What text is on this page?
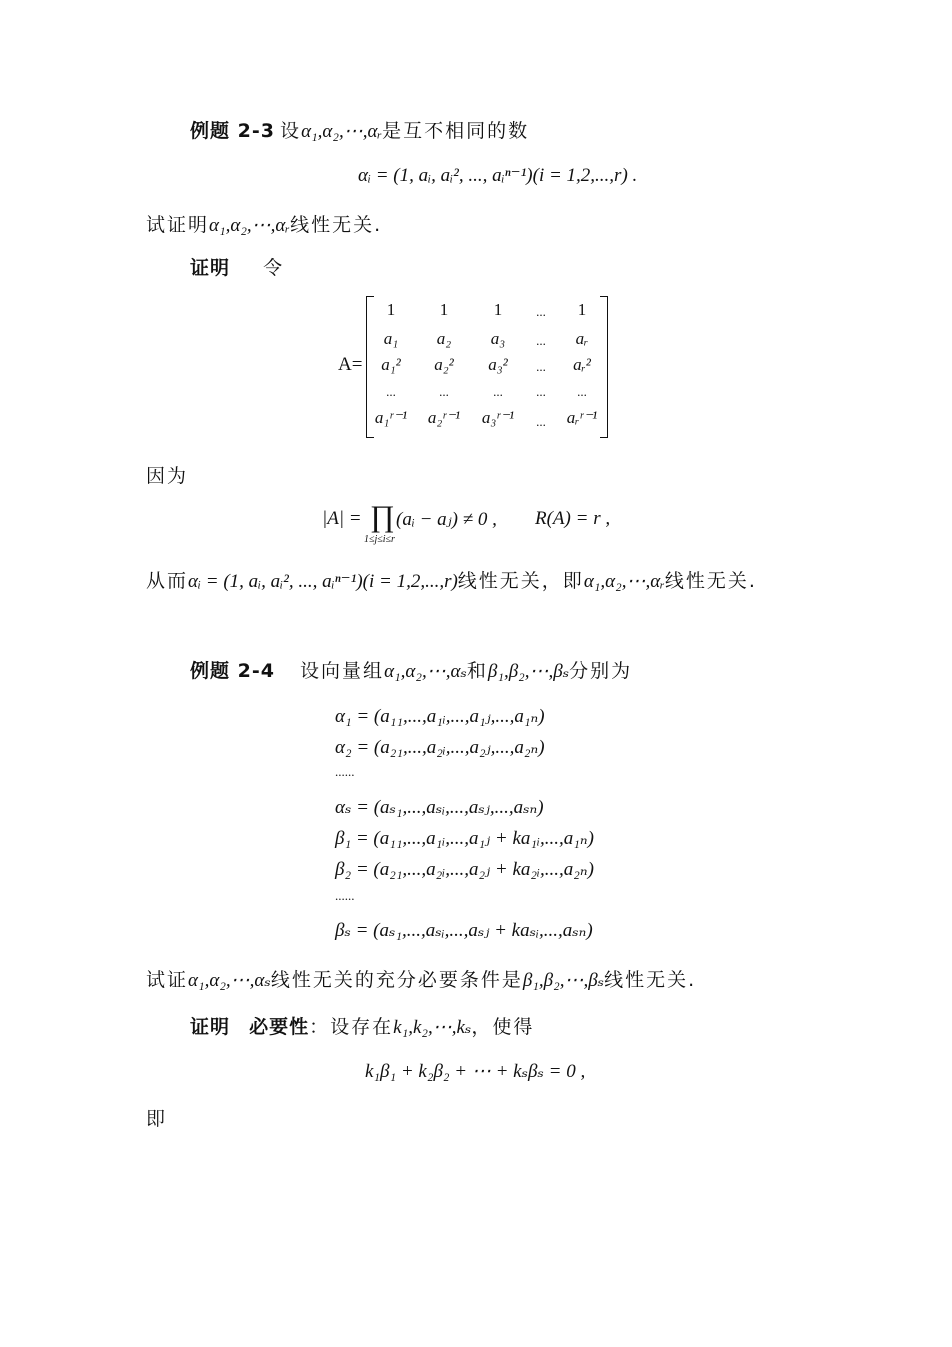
例题 2-3 设α₁,α₂,⋯,αᵣ是互不相同的数
αᵢ = (1, aᵢ, aᵢ², ..., aᵢⁿ⁻¹)(i = 1,2,...,r) .
试证明α₁,α₂,⋯,αᵣ线性无关.
证明 令
A=
1	1	1	...	1
a₁	a₂	a₃	...	aᵣ
a₁²	a₂²	a₃²	...	aᵣ²
...	...	...	...	...
a₁ʳ⁻¹	a₂ʳ⁻¹	a₃ʳ⁻¹	...	aᵣʳ⁻¹
因为
|A| = ∏
1≤j≤i≤r
(aᵢ − aⱼ) ≠ 0 , R(A) = r ,
从而αᵢ = (1, aᵢ, aᵢ², ..., aᵢⁿ⁻¹)(i = 1,2,...,r)线性无关，即α₁,α₂,⋯,αᵣ线性无关.
例题 2-4 设向量组α₁,α₂,⋯,αₛ和β₁,β₂,⋯,βₛ分别为
α₁ = (a₁₁,...,a₁ᵢ,...,a₁ⱼ,...,a₁ₙ)
α₂ = (a₂₁,...,a₂ᵢ,...,a₂ⱼ,...,a₂ₙ)
......
αₛ = (aₛ₁,...,aₛᵢ,...,aₛⱼ,...,aₛₙ)
β₁ = (a₁₁,...,a₁ᵢ,...,a₁ⱼ + ka₁ᵢ,...,a₁ₙ)
β₂ = (a₂₁,...,a₂ᵢ,...,a₂ⱼ + ka₂ᵢ,...,a₂ₙ)
......
βₛ = (aₛ₁,...,aₛᵢ,...,aₛⱼ + kaₛᵢ,...,aₛₙ)
试证α₁,α₂,⋯,αₛ线性无关的充分必要条件是β₁,β₂,⋯,βₛ线性无关.
证明 必要性：设存在k₁,k₂,⋯,kₛ，使得
k₁β₁ + k₂β₂ + ⋯ + kₛβₛ = 0 ,
即
